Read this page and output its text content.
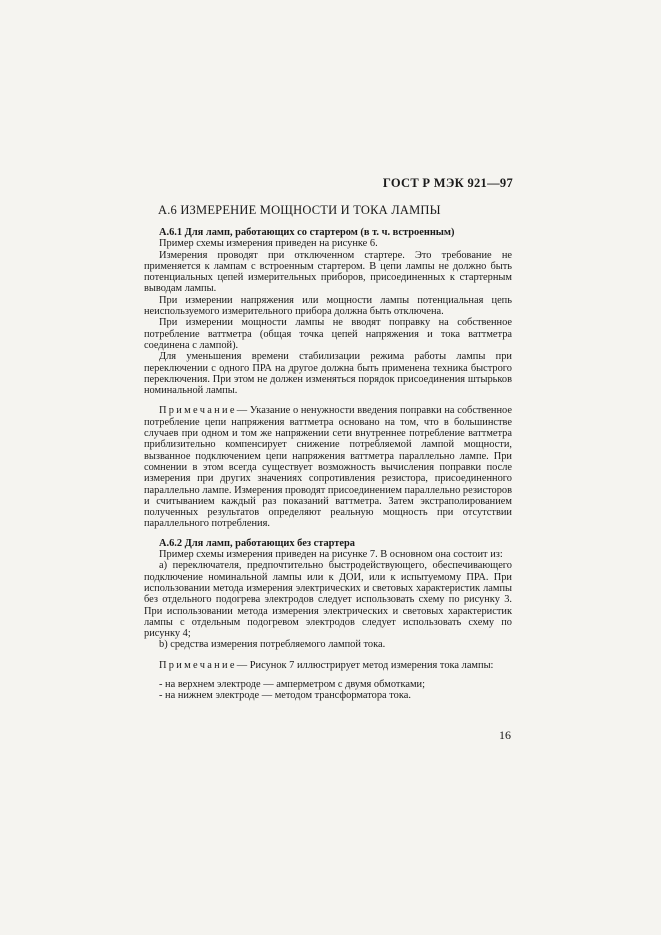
ГОСТ Р МЭК 921—97
А.6 ИЗМЕРЕНИЕ МОЩНОСТИ И ТОКА ЛАМПЫ
А.6.1 Для ламп, работающих со стартером (в т. ч. встроенным)

Пример схемы измерения приведен на рисунке 6.

Измерения проводят при отключенном стартере. Это требование не применяется к лампам с встроенным стартером. В цепи лампы не должно быть потенциальных цепей измерительных приборов, присоединенных к стартерным выводам лампы.

При измерении напряжения или мощности лампы потенциальная цепь неиспользуемого измерительного прибора должна быть отключена.

При измерении мощности лампы не вводят поправку на собственное потребление ваттметра (общая точка цепей напряжения и тока ваттметра соединена с лампой).

Для уменьшения времени стабилизации режима работы лампы при переключении с одного ПРА на другое должна быть применена техника быстрого переключения. При этом не должен изменяться порядок присоединения штырьков номинальной лампы.

Примечание— Указание о ненужности введения поправки на собственное потребление цепи напряжения ваттметра основано на том, что в большинстве случаев при одном и том же напряжении сети внутреннее потребление ваттметра приблизительно компенсирует снижение потребляемой лампой мощности, вызванное подключением цепи напряжения ваттметра параллельно лампе. При сомнении в этом всегда существует возможность вычисления поправки после измерения при других значениях сопротивления резистора, присоединенного параллельно лампе. Измерения проводят присоединением параллельно резисторов и считыванием каждый раз показаний ваттметра. Затем экстраполированием полученных результатов определяют реальную мощность при отсутствии параллельного потребления.

А.6.2 Для ламп, работающих без стартера

Пример схемы измерения приведен на рисунке 7. В основном она состоит из:

а) переключателя, предпочтительно быстродействующего, обеспечивающего подключение номинальной лампы или к ДОИ, или к испытуемому ПРА. При использовании метода измерения электрических и световых характеристик лампы без отдельного подогрева электродов следует использовать схему по рисунку 3. При использовании метода измерения электрических и световых характеристик лампы с отдельным подогревом электродов следует использовать схему по рисунку 4;

b) средства измерения потребляемого лампой тока.

Примечание— Рисунок 7 иллюстрирует метод измерения тока лампы:

- на верхнем электроде — амперметром с двумя обмотками;

- на нижнем электроде — методом трансформатора тока.

16
